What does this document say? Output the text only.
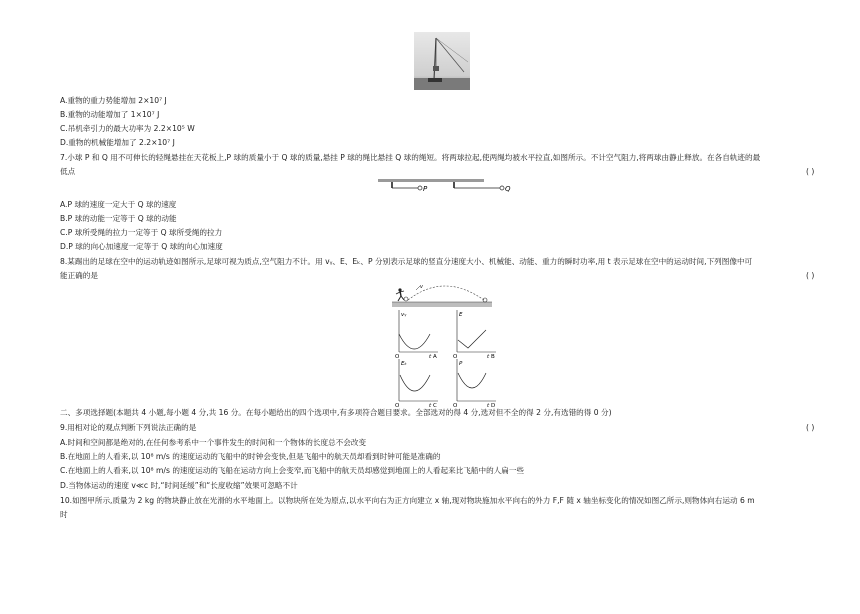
A.重物的重力势能增加 2×10⁷ J
B.重物的动能增加了 1×10⁷ J
C.吊机牵引力的最大功率为 2.2×10⁵ W
D.重物的机械能增加了 2.2×10⁷ J
7.小球 P 和 Q 用不可伸长的轻绳悬挂在天花板上,P 球的质量小于 Q 球的质量,悬挂 P 球的绳比悬挂 Q 球的绳短。将两球拉起,使两绳均被水平拉直,如图所示。不计空气阻力,将两球由静止释放。在各自轨迹的最
低点	( )
P	Q
A.P 球的速度一定大于 Q 球的速度
B.P 球的动能一定等于 Q 球的动能
C.P 球所受绳的拉力一定等于 Q 球所受绳的拉力
D.P 球的向心加速度一定等于 Q 球的向心加速度
8.某踢出的足球在空中的运动轨迹如图所示,足球可视为质点,空气阻力不计。用 vᵧ、E、Eₖ、P 分别表示足球的竖直分速度大小、机械能、动能、重力的瞬时功率,用 t 表示足球在空中的运动时间,下列图像中可
能正确的是	( )
v
vᵧ
O	t A
E
O	t B
Eₖ
O	t C
P
O	t D
二、多项选择题(本题共 4 小题,每小题 4 分,共 16 分。在每小题给出的四个选项中,有多项符合题目要求。全部选对的得 4 分,选对但不全的得 2 分,有选错的得 0 分)
9.用相对论的观点判断下列说法正确的是	( )
A.时间和空间都是绝对的,在任何参考系中一个事件发生的时间和一个物体的长度总不会改变
B.在地面上的人看来,以 10⁸ m/s 的速度运动的飞船中的时钟会变快,但是飞船中的航天员却看到时钟可能是准确的
C.在地面上的人看来,以 10⁸ m/s 的速度运动的飞船在运动方向上会变窄,而飞船中的航天员却感觉到地面上的人看起来比飞船中的人扁一些
D.当物体运动的速度 v≪c 时,“时间延缓”和“长度收缩”效果可忽略不计
10.如图甲所示,质量为 2 kg 的物块静止放在光滑的水平地面上。以物块所在处为原点,以水平向右为正方向建立 x 轴,现对物块施加水平向右的外力 F,F 随 x 轴坐标变化的情况如图乙所示,则物体向右运动 6 m
时
